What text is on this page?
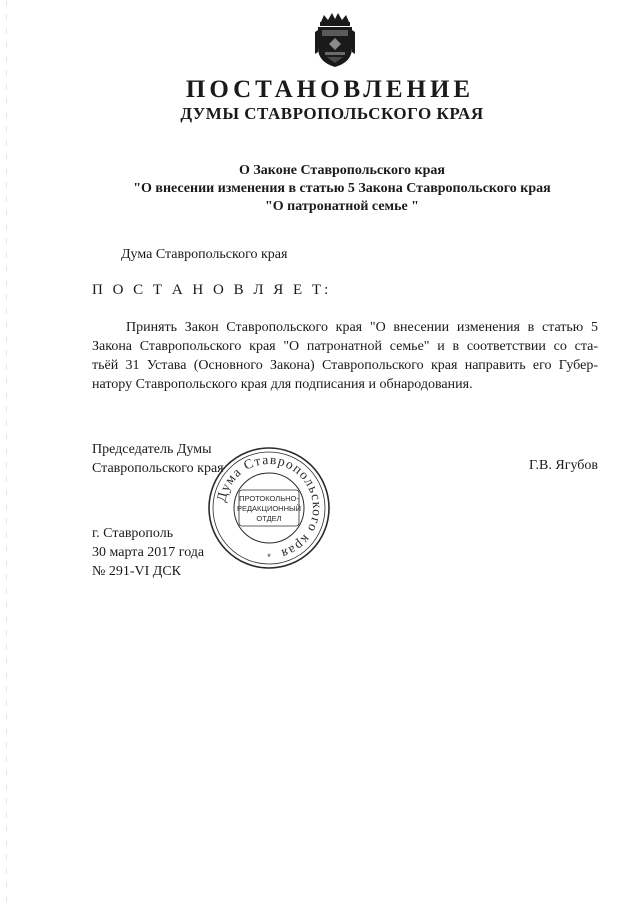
ПОСТАНОВЛЕНИЕ
ДУМЫ СТАВРОПОЛЬСКОГО КРАЯ
О Законе Ставропольского края
"О внесении изменения в статью 5 Закона Ставропольского края
"О патронатной семье "
Дума Ставропольского края
П О С Т А Н О В Л Я Е Т:
Принять Закон Ставропольского края "О внесении изменения в статью 5
Закона Ставропольского края "О патронатной семье" и в соответствии со ста-
тьёй 31 Устава (Основного Закона) Ставропольского края направить его Губер-
натору Ставропольского края для подписания и обнародования.
Председатель Думы
Ставропольского края	Г.В. Ягубов
Дума Ставропольского края
ПРОТОКОЛЬНО-
РЕДАКЦИОННЫЙ
ОТДЕЛ
*
г. Ставрополь
30 марта 2017 года
№ 291-VI ДСК
